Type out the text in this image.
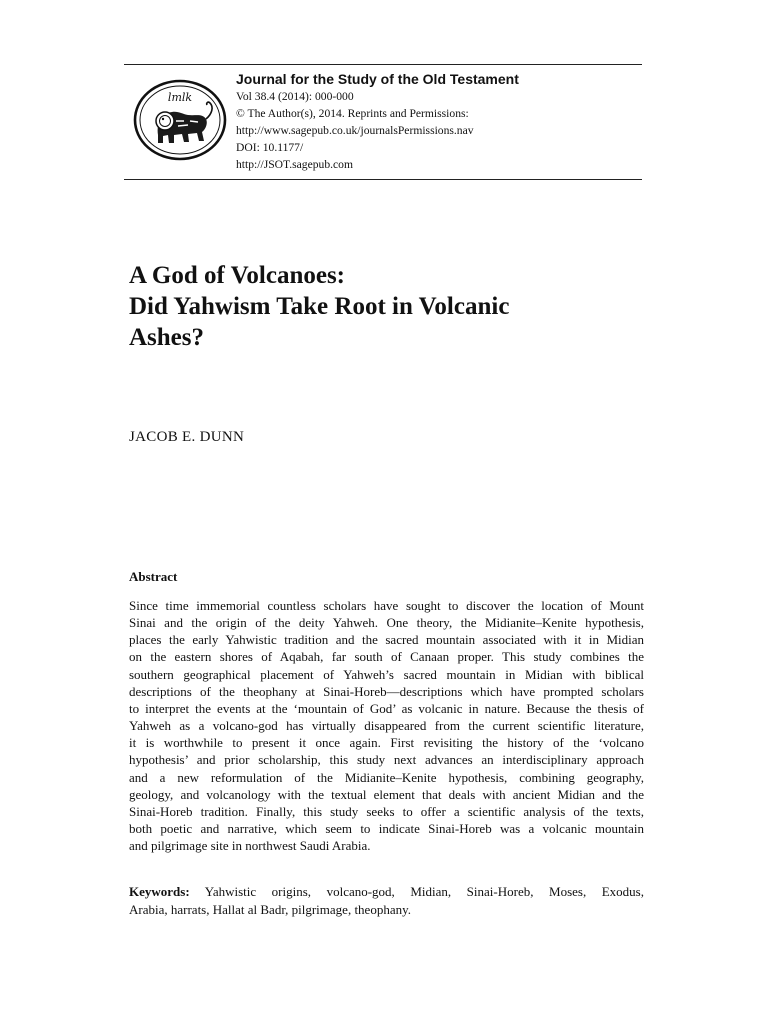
lmlk

Journal for the Study of the Old Testament

Vol 38.4 (2014): 000-000

© The Author(s), 2014. Reprints and Permissions:

http://www.sagepub.co.uk/journalsPermissions.nav

DOI: 10.1177/

http://JSOT.sagepub.com

A God of Volcanoes:
Did Yahwism Take Root in Volcanic
Ashes?

JACOB E. DUNN

Abstract
Since time immemorial countless scholars have sought to discover the location of Mount
Sinai and the origin of the deity Yahweh. One theory, the Midianite–Kenite hypothesis,
places the early Yahwistic tradition and the sacred mountain associated with it in Midian
on the eastern shores of Aqabah, far south of Canaan proper. This study combines the
southern geographical placement of Yahweh’s sacred mountain in Midian with biblical
descriptions of the theophany at Sinai-Horeb—descriptions which have prompted scholars
to interpret the events at the ‘mountain of God’ as volcanic in nature. Because the thesis of
Yahweh as a volcano-god has virtually disappeared from the current scientific literature,
it is worthwhile to present it once again. First revisiting the history of the ‘volcano
hypothesis’ and prior scholarship, this study next advances an interdisciplinary approach
and a new reformulation of the Midianite–Kenite hypothesis, combining geography,
geology, and volcanology with the textual element that deals with ancient Midian and the
Sinai-Horeb tradition. Finally, this study seeks to offer a scientific analysis of the texts,
both poetic and narrative, which seem to indicate Sinai-Horeb was a volcanic mountain
and pilgrimage site in northwest Saudi Arabia.
Keywords: Yahwistic origins, volcano-god, Midian, Sinai-Horeb, Moses, Exodus,
Arabia, harrats, Hallat al Badr, pilgrimage, theophany.
